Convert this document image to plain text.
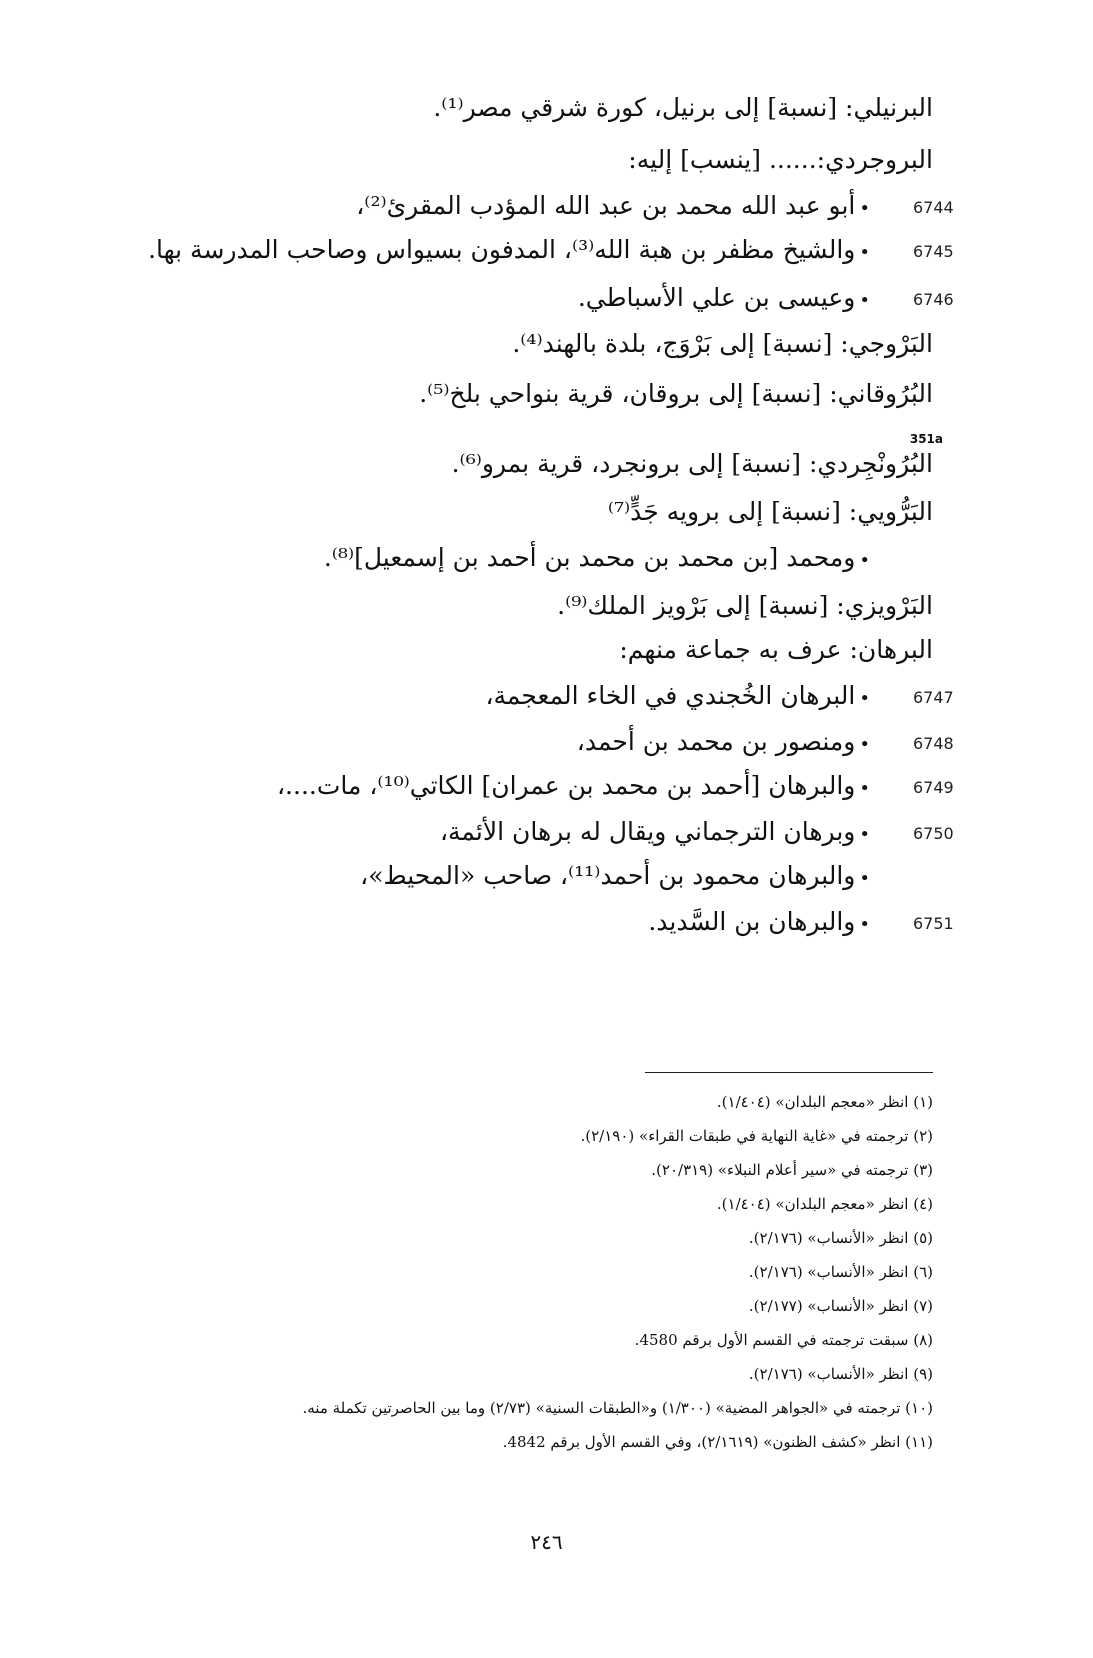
البرنيلي: [نسبة] إلى برنيل، كورة شرقي مصر⁽¹⁾.
البروجردي:...... [ينسب] إليه:
6744
•أبو عبد الله محمد بن عبد الله المؤدب المقرئ⁽²⁾،
6745
•والشيخ مظفر بن هبة الله⁽³⁾، المدفون بسيواس وصاحب المدرسة بها.
6746
•وعيسى بن علي الأسباطي.
البَرْوجي: [نسبة] إلى بَرْوَج، بلدة بالهند⁽⁴⁾.
البُرُوقاني: [نسبة] إلى بروقان، قرية بنواحي بلخ⁽⁵⁾.
351a
البُرُونْجِردي: [نسبة] إلى برونجرد، قرية بمرو⁽⁶⁾.
البَرُّويي: [نسبة] إلى برويه جَدٍّ⁽⁷⁾
•ومحمد [بن محمد بن محمد بن أحمد بن إسمعيل]⁽⁸⁾.
البَرْويزي: [نسبة] إلى بَرْويز الملك⁽⁹⁾.
البرهان: عرف به جماعة منهم:
6747
•البرهان الخُجندي في الخاء المعجمة،
6748
•ومنصور بن محمد بن أحمد،
6749
•والبرهان [أحمد بن محمد بن عمران] الكاتي⁽¹⁰⁾، مات....،
6750
•وبرهان الترجماني ويقال له برهان الأئمة،
•والبرهان محمود بن أحمد⁽¹¹⁾، صاحب «المحيط»،
6751
•والبرهان بن السَّديد.
(١) انظر «معجم البلدان» (١/٤٠٤).
(٢) ترجمته في «غاية النهاية في طبقات القراء» (٢/١٩٠).
(٣) ترجمته في «سير أعلام النبلاء» (٢٠/٣١٩).
(٤) انظر «معجم البلدان» (١/٤٠٤).
(٥) انظر «الأنساب» (٢/١٧٦).
(٦) انظر «الأنساب» (٢/١٧٦).
(٧) انظر «الأنساب» (٢/١٧٧).
(٨) سبقت ترجمته في القسم الأول برقم 4580.
(٩) انظر «الأنساب» (٢/١٧٦).
(١٠) ترجمته في «الجواهر المضية» (١/٣٠٠) و«الطبقات السنية» (٢/٧٣) وما بين الحاصرتين تكملة منه.
(١١) انظر «كشف الظنون» (٢/١٦١٩)، وفي القسم الأول برقم 4842.
٢٤٦
